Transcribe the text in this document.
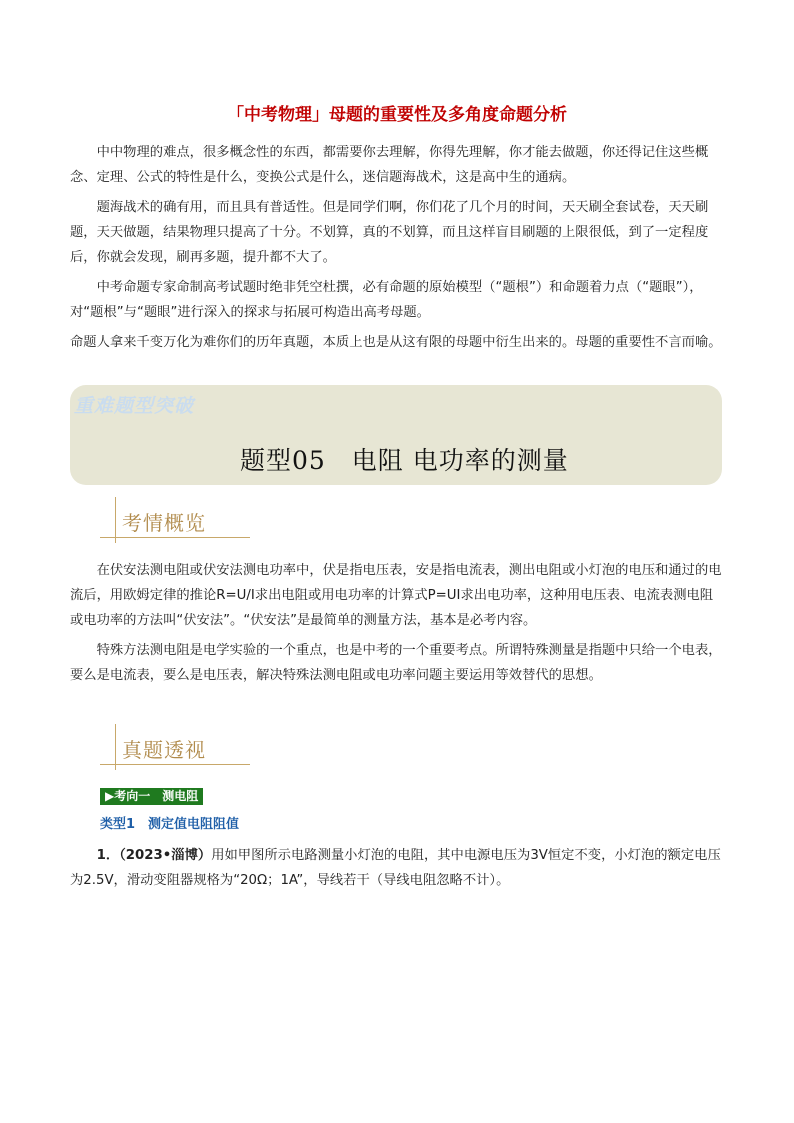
「中考物理」母题的重要性及多角度命题分析

中中物理的难点，很多概念性的东西，都需要你去理解，你得先理解，你才能去做题，你还得记住这些概念、定理、公式的特性是什么，变换公式是什么，迷信题海战术，这是高中生的通病。

题海战术的确有用，而且具有普适性。但是同学们啊，你们花了几个月的时间，天天刷全套试卷，天天刷题，天天做题，结果物理只提高了十分。不划算，真的不划算，而且这样盲目刷题的上限很低，到了一定程度后，你就会发现，刷再多题，提升都不大了。

中考命题专家命制高考试题时绝非凭空杜撰，必有命题的原始模型（“题根”）和命题着力点（“题眼”），对“题根”与“题眼”进行深入的探求与拓展可构造出高考母题。

命题人拿来千变万化为难你们的历年真题，本质上也是从这有限的母题中衍生出来的。母题的重要性不言而喻。

重难题型突破
题型05　电阻 电功率的测量
考情概览

在伏安法测电阻或伏安法测电功率中，伏是指电压表，安是指电流表，测出电阻或小灯泡的电压和通过的电流后，用欧姆定律的推论R=U/I求出电阻或用电功率的计算式P=UI求出电功率，这种用电压表、电流表测电阻或电功率的方法叫“伏安法”。“伏安法”是最简单的测量方法，基本是必考内容。

特殊方法测电阻是电学实验的一个重点，也是中考的一个重要考点。所谓特殊测量是指题中只给一个电表，要么是电流表，要么是电压表，解决特殊法测电阻或电功率问题主要运用等效替代的思想。

真题透视
▶考向一　测电阻
类型1　测定值电阻阻值

1．（2023•淄博）用如甲图所示电路测量小灯泡的电阻，其中电源电压为3V恒定不变，小灯泡的额定电压为2.5V，滑动变阻器规格为“20Ω；1A”，导线若干（导线电阻忽略不计）。
